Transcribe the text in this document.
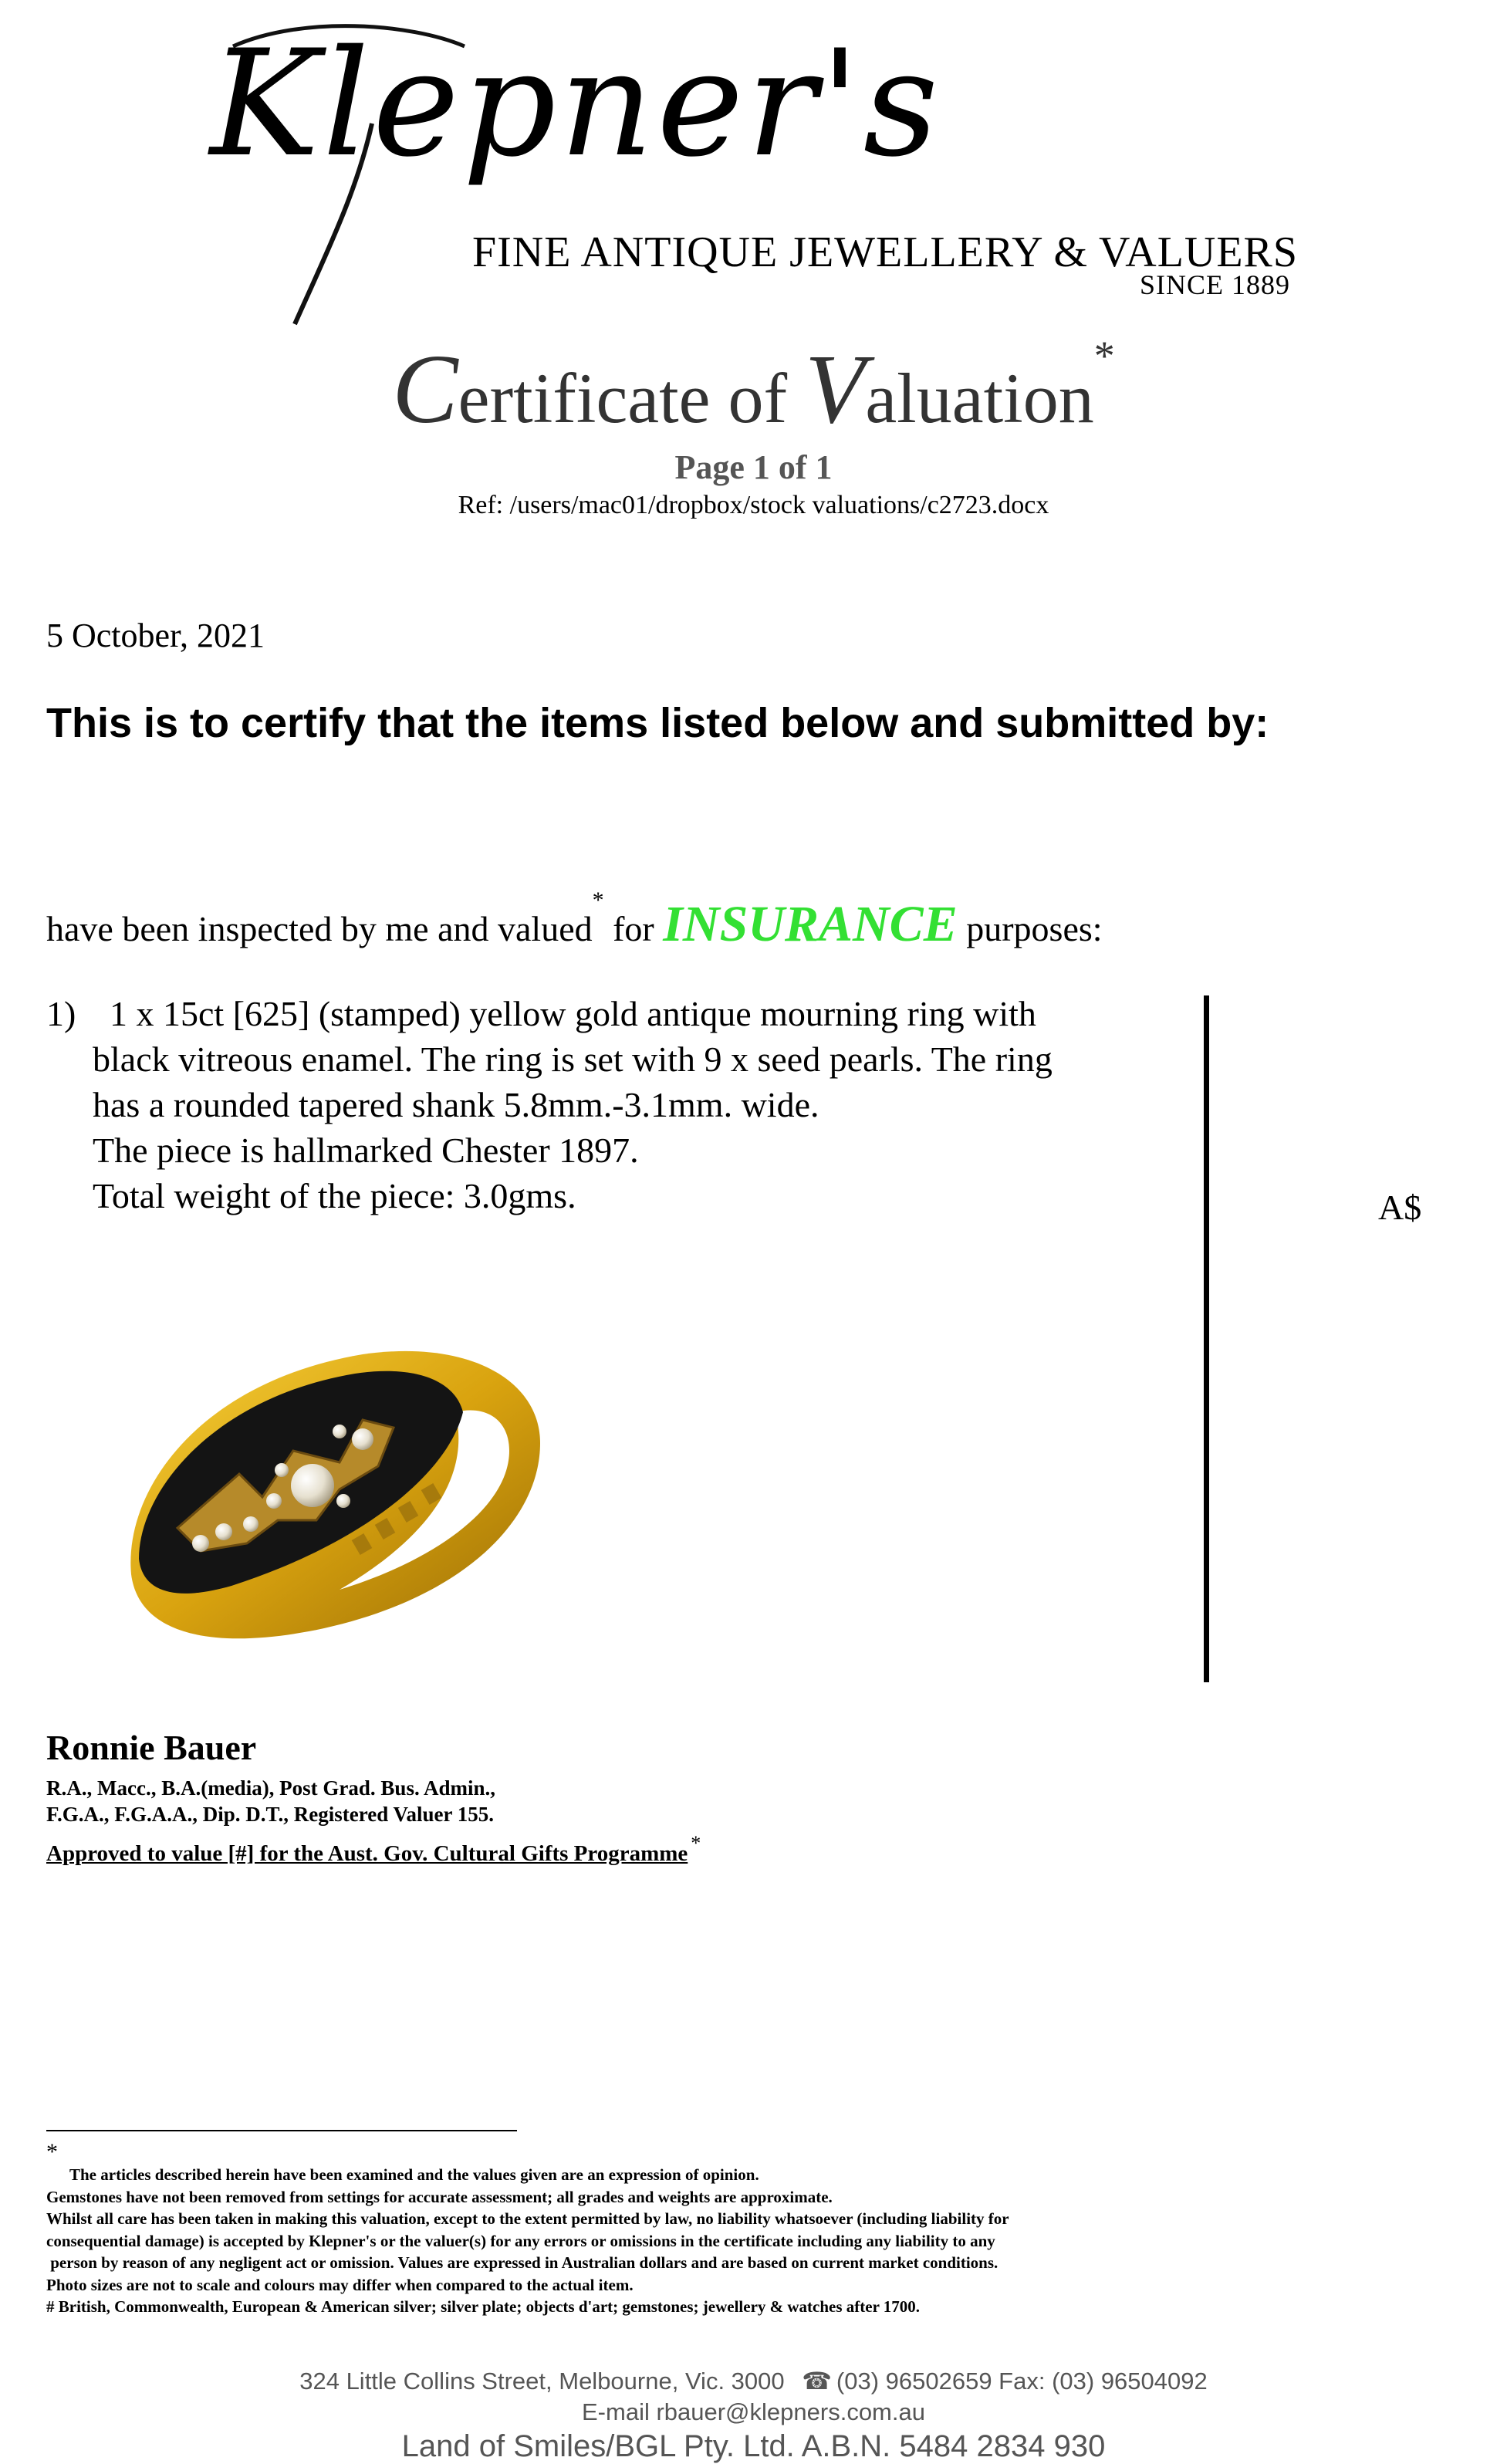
Klepner's
FINE ANTIQUE JEWELLERY & VALUERS
SINCE 1889
Certificate of Valuation*
Page 1 of 1
Ref: /users/mac01/dropbox/stock valuations/c2723.docx
5 October, 2021
This is to certify that the items listed below and submitted by:
have been inspected by me and valued* for INSURANCE purposes:
1) 1 x 15ct [625] (stamped) yellow gold antique mourning ring with
black vitreous enamel. The ring is set with 9 x seed pearls. The ring
has a rounded tapered shank 5.8mm.-3.1mm. wide.
The piece is hallmarked Chester 1897.
Total weight of the piece: 3.0gms.	A$
Ronnie Bauer
R.A., Macc., B.A.(media), Post Grad. Bus. Admin.,
F.G.A., F.G.A.A., Dip. D.T., Registered Valuer 155.
Approved to value [#] for the Aust. Gov. Cultural Gifts Programme *
*

The articles described herein have been examined and the values given are an expression of opinion.

Gemstones have not been removed from settings for accurate assessment; all grades and weights are approximate.

Whilst all care has been taken in making this valuation, except to the extent permitted by law, no liability whatsoever (including liability for

consequential damage) is accepted by Klepner's or the valuer(s) for any errors or omissions in the certificate including any liability to any

person by reason of any negligent act or omission. Values are expressed in Australian dollars and are based on current market conditions.

Photo sizes are not to scale and colours may differ when compared to the actual item.

# British, Commonwealth, European & American silver; silver plate; objects d'art; gemstones; jewellery & watches after 1700.

324 Little Collins Street, Melbourne, Vic. 3000 ☎ (03) 96502659 Fax: (03) 96504092
E-mail rbauer@klepners.com.au
Land of Smiles/BGL Pty. Ltd. A.B.N. 5484 2834 930
